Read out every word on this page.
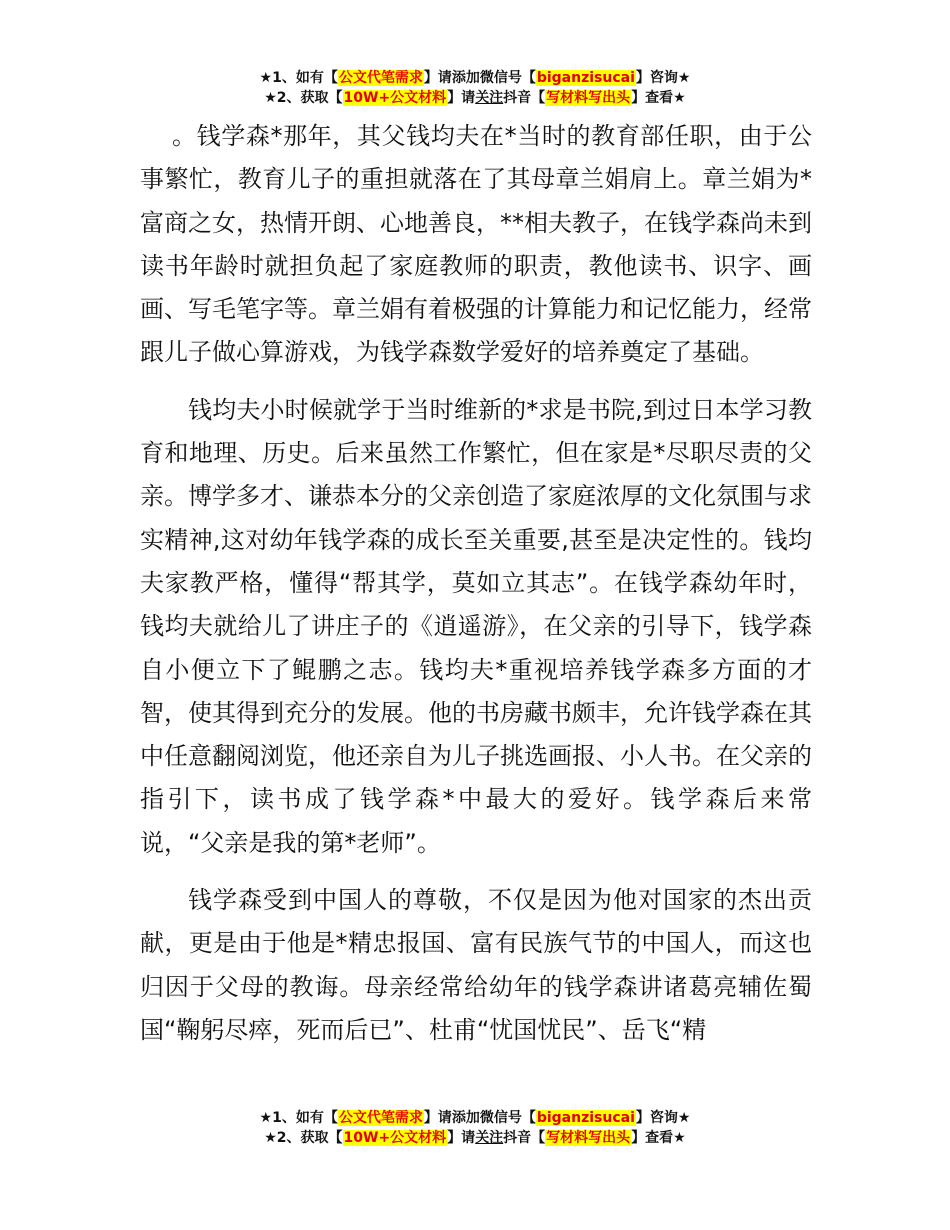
★1、如有【公文代笔需求】请添加微信号【biganzisucai】咨询★
★2、获取【10W+公文材料】请关注抖音【写材料写出头】查看★

。钱学森*那年，其父钱均夫在*当时的教育部任职，由于公事繁忙，教育儿子的重担就落在了其母章兰娟肩上。章兰娟为*富商之女，热情开朗、心地善良，**相夫教子，在钱学森尚未到读书年龄时就担负起了家庭教师的职责，教他读书、识字、画画、写毛笔字等。章兰娟有着极强的计算能力和记忆能力，经常跟儿子做心算游戏，为钱学森数学爱好的培养奠定了基础。

钱均夫小时候就学于当时维新的*求是书院,到过日本学习教育和地理、历史。后来虽然工作繁忙，但在家是*尽职尽责的父亲。博学多才、谦恭本分的父亲创造了家庭浓厚的文化氛围与求实精神,这对幼年钱学森的成长至关重要,甚至是决定性的。钱均夫家教严格，懂得“帮其学，莫如立其志”。在钱学森幼年时，钱均夫就给儿了讲庄子的《逍遥游》，在父亲的引导下，钱学森自小便立下了鲲鹏之志。钱均夫*重视培养钱学森多方面的才智，使其得到充分的发展。他的书房藏书颇丰，允许钱学森在其中任意翻阅浏览，他还亲自为儿子挑选画报、小人书。在父亲的指引下，读书成了钱学森*中最大的爱好。钱学森后来常说，“父亲是我的第*老师”。

钱学森受到中国人的尊敬，不仅是因为他对国家的杰出贡献，更是由于他是*精忠报国、富有民族气节的中国人，而这也归因于父母的教诲。母亲经常给幼年的钱学森讲诸葛亮辅佐蜀国“鞠躬尽瘁，死而后已”、杜甫“忧国忧民”、岳飞“精

★1、如有【公文代笔需求】请添加微信号【biganzisucai】咨询★
★2、获取【10W+公文材料】请关注抖音【写材料写出头】查看★
